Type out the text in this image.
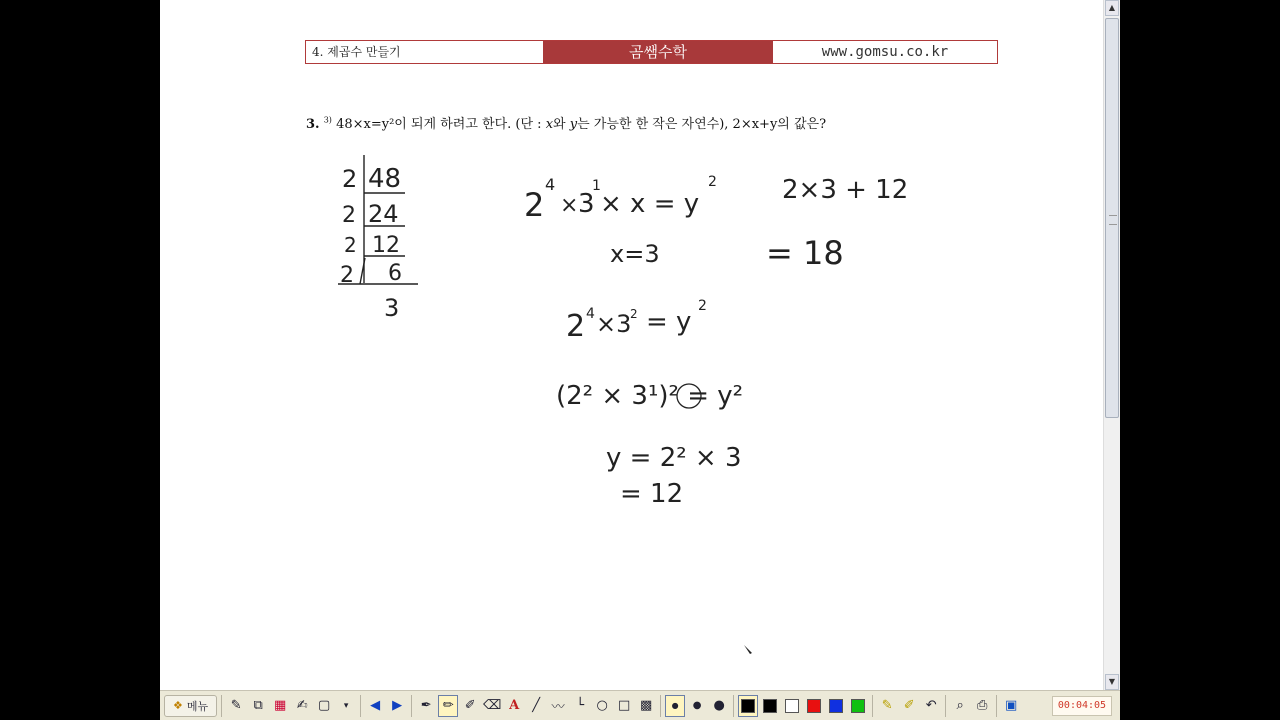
4. 제곱수 만들기	곰쌤수학	www.gomsu.co.kr
3. $^{3)}$ 48×x=y²이 되게 하려고 한다. (단 : x와 y는 가능한 한 작은 자연수), 2×x+y의 값은?
2 48
2 24
2 12
2 6
3
2
4
× 3
1
× x = y
2
x=3
2×3 + 12
= 18
2 4 ×3
2 = y
2
(2² × 3¹)² = y²
y = 2² × 3
= 12
▲
▼
❖ 메뉴	✎ ⧉ ▦ ✍ ▢	▾	◀ ▶	✒ ✏ ✐ ⌫ A	╱ 〰 └ ○ □ ▩	●	● ●	✎ ✐ ↶	⌕	⎙	▣	00:04:05
